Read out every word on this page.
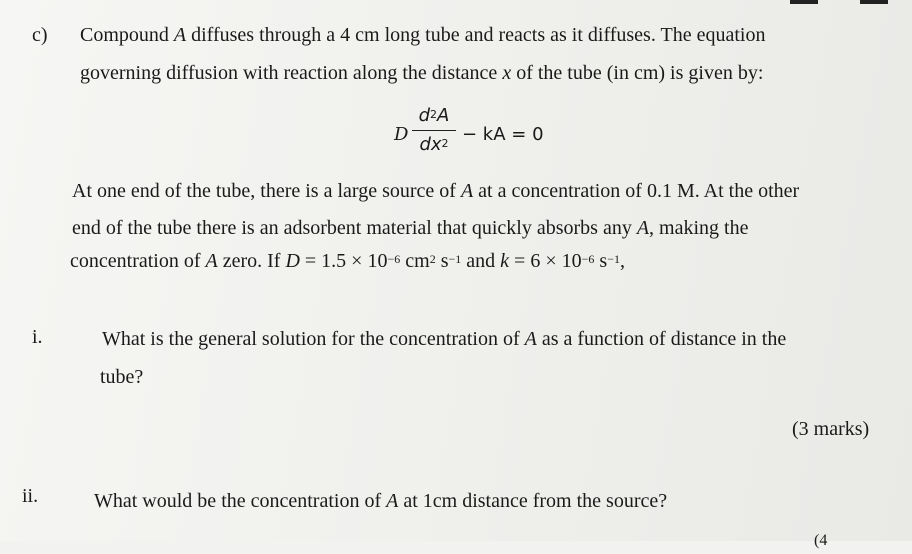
c) Compound A diffuses through a 4 cm long tube and reacts as it diffuses. The equation
governing diffusion with reaction along the distance x of the tube (in cm) is given by:
D
$d^2A$
$dx^2$ − kA = 0
At one end of the tube, there is a large source of A at a concentration of 0.1 M. At the other
end of the tube there is an adsorbent material that quickly absorbs any A, making the
concentration of A zero. If $D = 1.5 \times 10^{-6}$ $cm^2$ $s^{-1}$ and $k = 6 \times 10^{-6}$ $s^{-1}$,
i.	What is the general solution for the concentration of A as a function of distance in the
tube?
(3 marks)
ii.	What would be the concentration of A at 1cm distance from the source?
(4
